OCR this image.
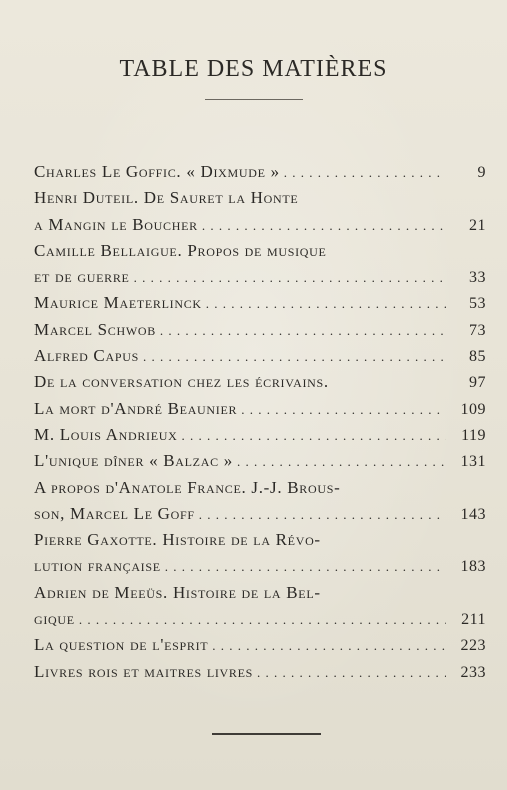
TABLE DES MATIÈRES
Charles Le Goffic. « Dixmude » . . .	9
Henri Duteil. De Sauret la Honte
a Mangin le Boucher . . .	21
Camille Bellaigue. Propos de musique
et de guerre . . .	33
Maurice Maeterlinck . . .	53
Marcel Schwob . . .	73
Alfred Capus . . .	85
De la conversation chez les écrivains.	97
La mort d'André Beaunier . . .	109
M. Louis Andrieux . . .	119
L'unique dîner « Balzac » . . .	131
A propos d'Anatole France. J.-J. Brous-
son, Marcel Le Goff . . .	143
Pierre Gaxotte. Histoire de la Révo-
lution française . . .	183
Adrien de Meeüs. Histoire de la Bel-
gique . . .	211
La question de l'esprit . . .	223
Livres rois et maitres livres . . .	233
